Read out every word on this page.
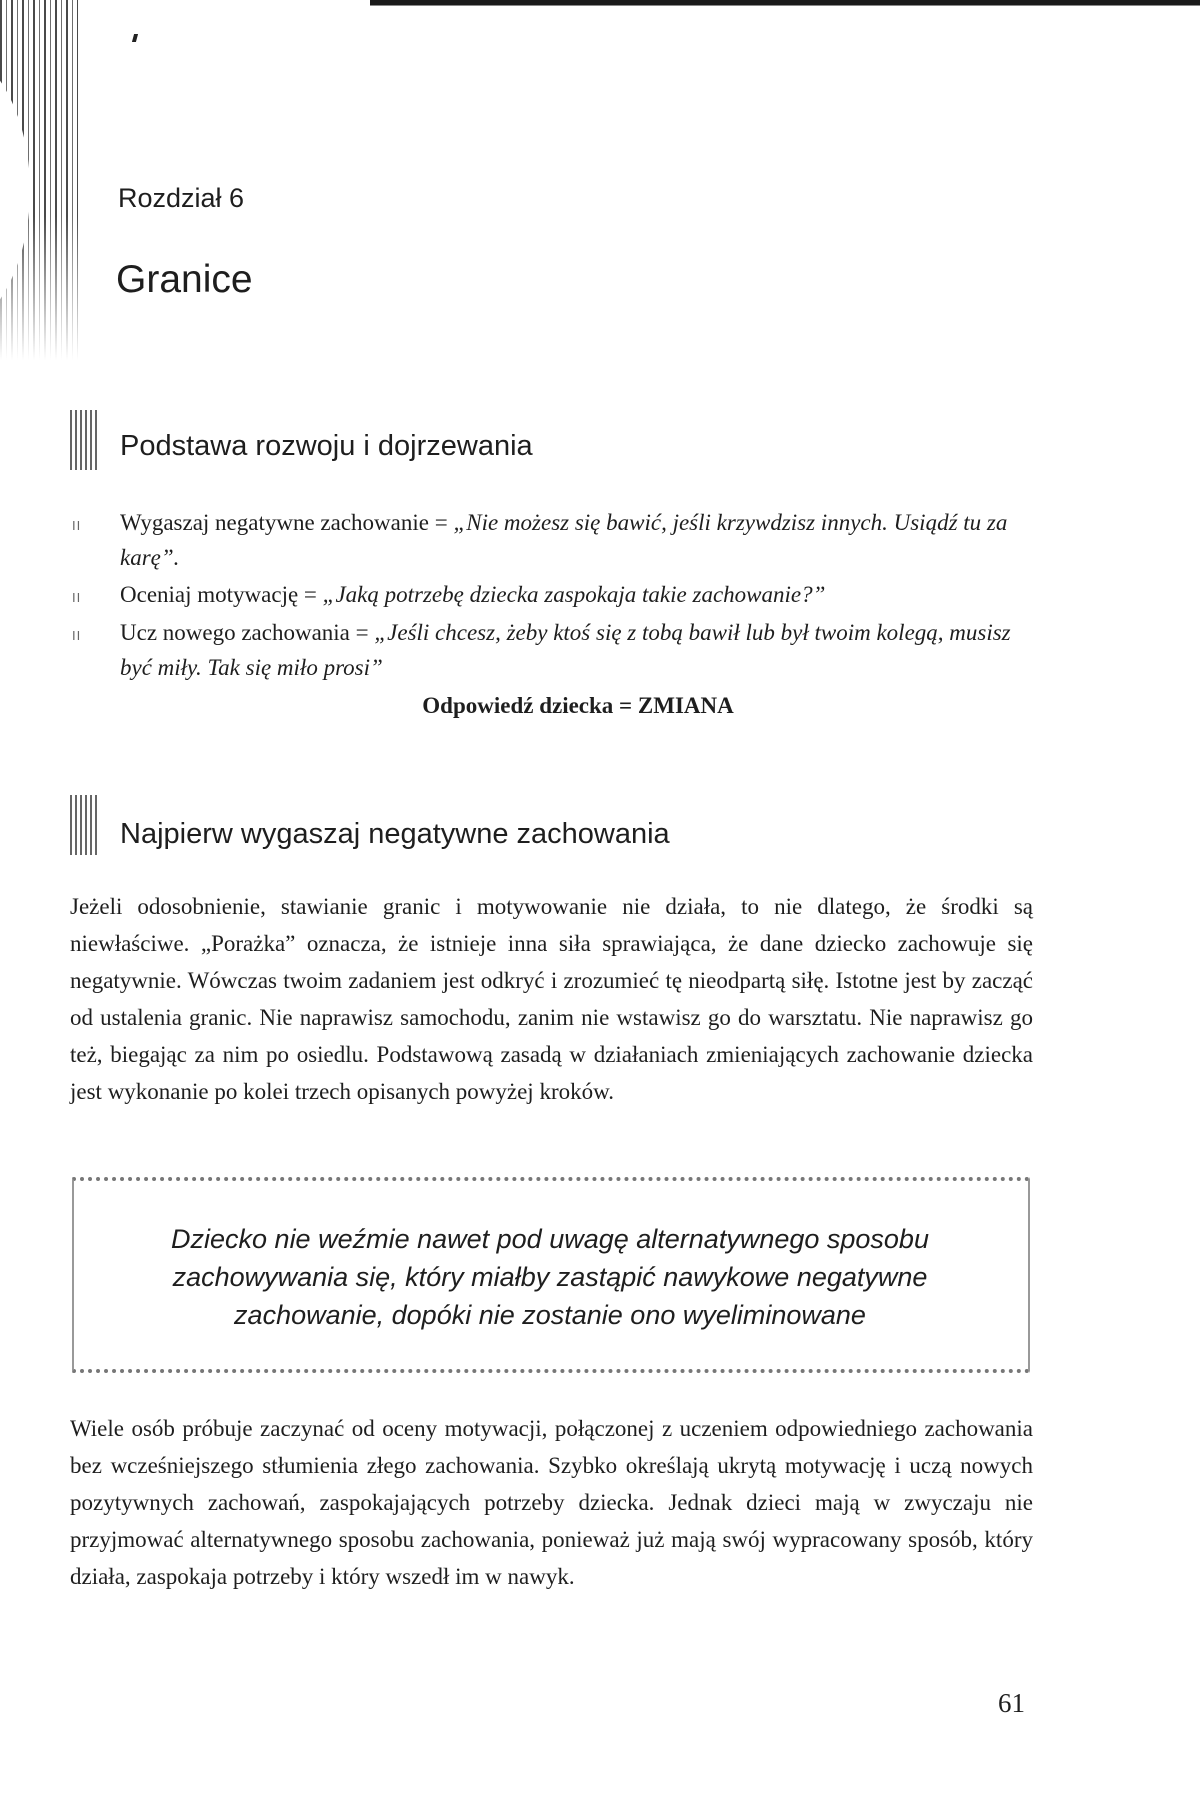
Rozdział 6
Granice
Podstawa rozwoju i dojrzewania
II Wygaszaj negatywne zachowanie = „Nie możesz się bawić, jeśli krzywdzisz innych. Usiądź tu za karę”.
II Oceniaj motywację = „Jaką potrzebę dziecka zaspokaja takie zachowanie?”
II Ucz nowego zachowania = „Jeśli chcesz, żeby ktoś się z tobą bawił lub był twoim kolegą, musisz być miły. Tak się miło prosi”
Odpowiedź dziecka = ZMIANA
Najpierw wygaszaj negatywne zachowania
Jeżeli odosobnienie, stawianie granic i motywowanie nie działa, to nie dlatego, że środki są niewłaściwe. „Porażka” oznacza, że istnieje inna siła sprawiająca, że dane dziecko zachowuje się negatywnie. Wówczas twoim zadaniem jest odkryć i zrozumieć tę nieodpartą siłę. Istotne jest by zacząć od ustalenia granic. Nie naprawisz samochodu, zanim nie wstawisz go do warsztatu. Nie naprawisz go też, biegając za nim po osiedlu. Podstawową zasadą w działaniach zmieniających zachowanie dziecka jest wykonanie po kolei trzech opisanych powyżej kroków.
Dziecko nie weźmie nawet pod uwagę alternatywnego sposobu zachowywania się, który miałby zastąpić nawykowe negatywne zachowanie, dopóki nie zostanie ono wyeliminowane
Wiele osób próbuje zaczynać od oceny motywacji, połączonej z uczeniem odpowiedniego zachowania bez wcześniejszego stłumienia złego zachowania. Szybko określają ukrytą motywację i uczą nowych pozytywnych zachowań, zaspokajających potrzeby dziecka. Jednak dzieci mają w zwyczaju nie przyjmować alternatywnego sposobu zachowania, ponieważ już mają swój wypracowany sposób, który działa, zaspokaja potrzeby i który wszedł im w nawyk.
61
